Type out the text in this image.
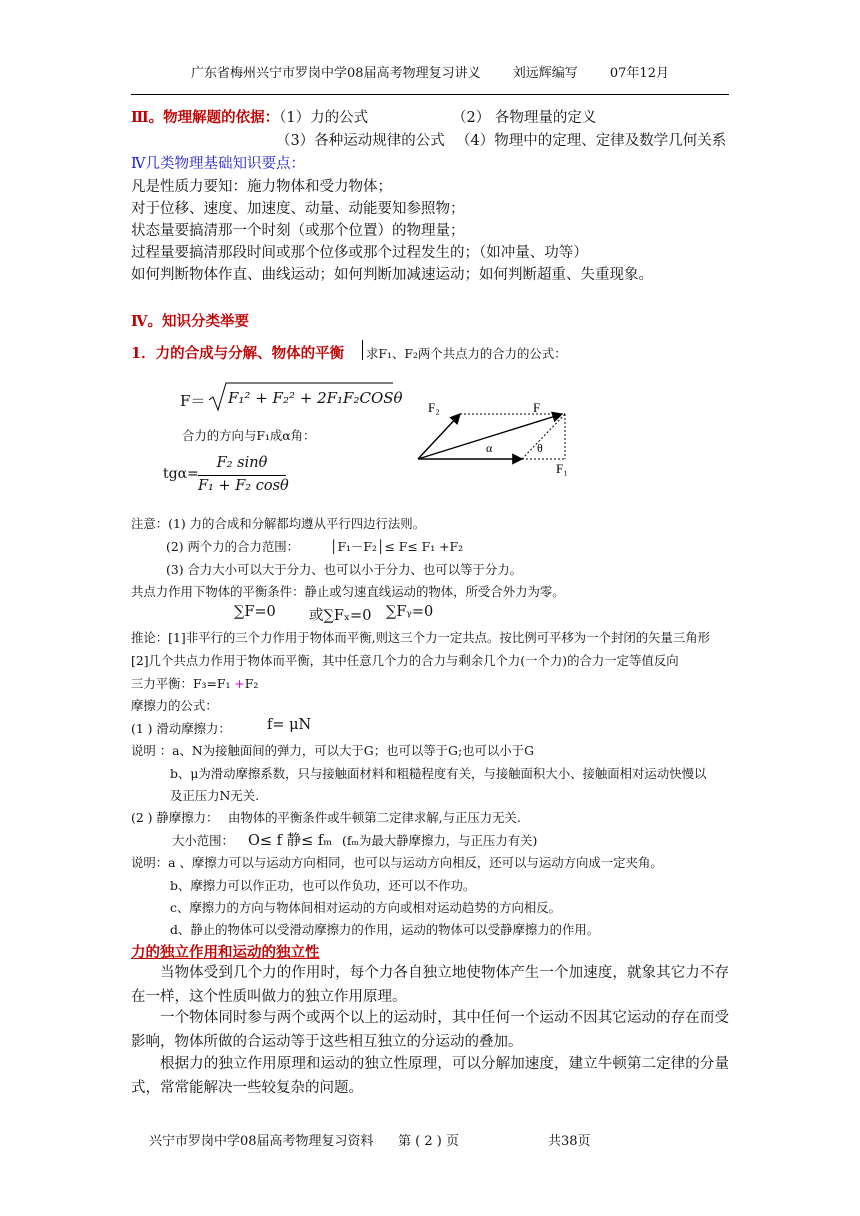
广东省梅州兴宁市罗岗中学08届高考物理复习讲义 刘远辉编写 07年12月
Ⅲ。物理解题的依据：（1）力的公式	（2） 各物理量的定义
（3）各种运动规律的公式 （4）物理中的定理、定律及数学几何关系
Ⅳ几类物理基础知识要点：
凡是性质力要知：施力物体和受力物体；
对于位移、速度、加速度、动量、动能要知参照物；
状态量要搞清那一个时刻（或那个位置）的物理量；
过程量要搞清那段时间或那个位侈或那个过程发生的；（如冲量、功等）
如何判断物体作直、曲线运动；如何判断加减速运动；如何判断超重、失重现象。
Ⅳ。知识分类举要
1．力的合成与分解、物体的平衡 求F₁、F₂两个共点力的合力的公式：
F＝ F₁² + F₂² + 2F₁F₂COSθ
合力的方向与F₁成α角：
tgα=
F₂ sinθ
F₁ + F₂ cosθ
F₂	F
F₁
α	θ
注意：(1) 力的合成和分解都均遵从平行四边行法则。
(2) 两个力的合力范围： │F₁－F₂│≤ F≤ F₁ +F₂
(3) 合力大小可以大于分力、也可以小于分力、也可以等于分力。
共点力作用下物体的平衡条件：静止或匀速直线运动的物体，所受合外力为零。
∑F=0 或∑Fₓ=0 ∑Fᵧ=0
推论：[1]非平行的三个力作用于物体而平衡,则这三个力一定共点。按比例可平移为一个封闭的矢量三角形
[2]几个共点力作用于物体而平衡，其中任意几个力的合力与剩余几个力(一个力)的合力一定等值反向
三力平衡：F₃=F₁ +F₂
摩擦力的公式：
(1 ) 滑动摩擦力： f= μN
说明 ：a、N为接触面间的弹力，可以大于G；也可以等于G;也可以小于G
b、μ为滑动摩擦系数，只与接触面材料和粗糙程度有关，与接触面积大小、接触面相对运动快慢以
及正压力N无关.
(2 ) 静摩擦力： 由物体的平衡条件或牛顿第二定律求解,与正压力无关.
大小范围： O≤ f 静≤ fₘ (fₘ为最大静摩擦力，与正压力有关)
说明：a 、摩擦力可以与运动方向相同，也可以与运动方向相反，还可以与运动方向成一定夹角。
b、摩擦力可以作正功，也可以作负功，还可以不作功。
c、摩擦力的方向与物体间相对运动的方向或相对运动趋势的方向相反。
d、静止的物体可以受滑动摩擦力的作用，运动的物体可以受静摩擦力的作用。
力的独立作用和运动的独立性
当物体受到几个力的作用时，每个力各自独立地使物体产生一个加速度，就象其它力不存在一样，这个性质叫做力的独立作用原理。
一个物体同时参与两个或两个以上的运动时，其中任何一个运动不因其它运动的存在而受影响，物体所做的合运动等于这些相互独立的分运动的叠加。
根据力的独立作用原理和运动的独立性原理，可以分解加速度，建立牛顿第二定律的分量式，常常能解决一些较复杂的问题。
兴宁市罗岗中学08届高考物理复习资料 第 ( 2 ) 页	共38页
